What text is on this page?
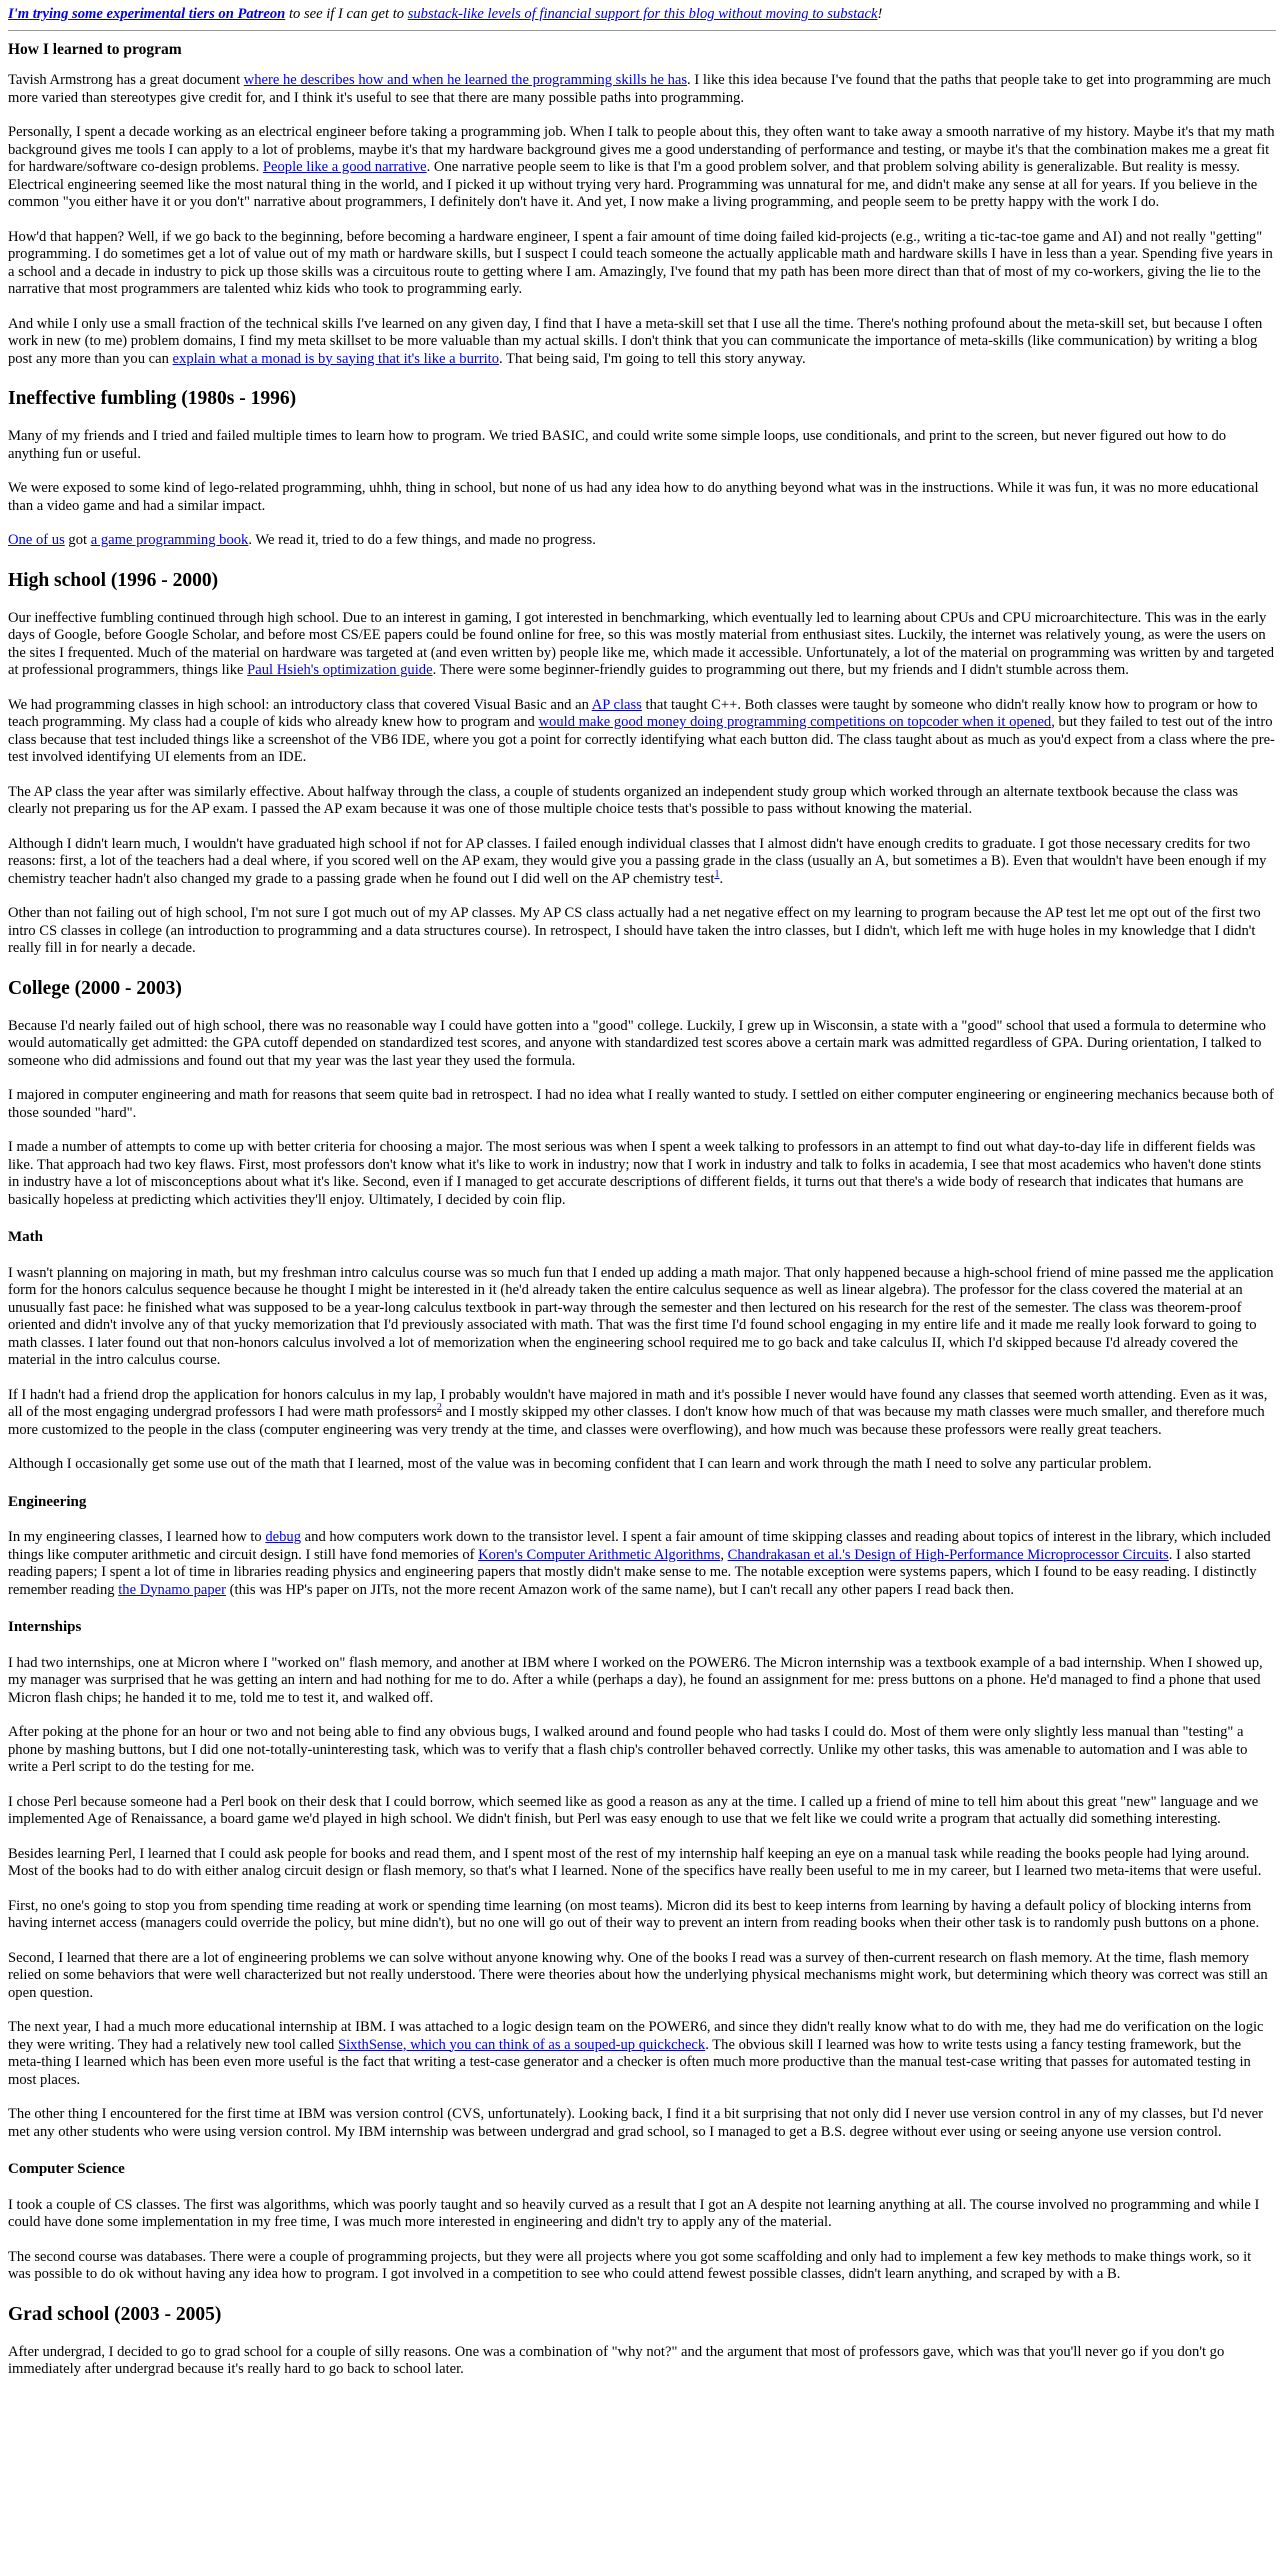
I'm trying some experimental tiers on Patreon to see if I can get to substack-like levels of financial support for this blog without moving to substack!
How I learned to program

Tavish Armstrong has a great document where he describes how and when he learned the programming skills he has. I like this idea because I've found that the paths that people take to get into programming are much more varied than stereotypes give credit for, and I think it's useful to see that there are many possible paths into programming.

Personally, I spent a decade working as an electrical engineer before taking a programming job. When I talk to people about this, they often want to take away a smooth narrative of my history. Maybe it's that my math background gives me tools I can apply to a lot of problems, maybe it's that my hardware background gives me a good understanding of performance and testing, or maybe it's that the combination makes me a great fit for hardware/software co-design problems. People like a good narrative. One narrative people seem to like is that I'm a good problem solver, and that problem solving ability is generalizable. But reality is messy. Electrical engineering seemed like the most natural thing in the world, and I picked it up without trying very hard. Programming was unnatural for me, and didn't make any sense at all for years. If you believe in the common "you either have it or you don't" narrative about programmers, I definitely don't have it. And yet, I now make a living programming, and people seem to be pretty happy with the work I do.

How'd that happen? Well, if we go back to the beginning, before becoming a hardware engineer, I spent a fair amount of time doing failed kid-projects (e.g., writing a tic-tac-toe game and AI) and not really "getting" programming. I do sometimes get a lot of value out of my math or hardware skills, but I suspect I could teach someone the actually applicable math and hardware skills I have in less than a year. Spending five years in a school and a decade in industry to pick up those skills was a circuitous route to getting where I am. Amazingly, I've found that my path has been more direct than that of most of my co-workers, giving the lie to the narrative that most programmers are talented whiz kids who took to programming early.

And while I only use a small fraction of the technical skills I've learned on any given day, I find that I have a meta-skill set that I use all the time. There's nothing profound about the meta-skill set, but because I often work in new (to me) problem domains, I find my meta skillset to be more valuable than my actual skills. I don't think that you can communicate the importance of meta-skills (like communication) by writing a blog post any more than you can explain what a monad is by saying that it's like a burrito. That being said, I'm going to tell this story anyway.

Ineffective fumbling (1980s - 1996)

Many of my friends and I tried and failed multiple times to learn how to program. We tried BASIC, and could write some simple loops, use conditionals, and print to the screen, but never figured out how to do anything fun or useful.

We were exposed to some kind of lego-related programming, uhhh, thing in school, but none of us had any idea how to do anything beyond what was in the instructions. While it was fun, it was no more educational than a video game and had a similar impact.

One of us got a game programming book. We read it, tried to do a few things, and made no progress.

High school (1996 - 2000)

Our ineffective fumbling continued through high school. Due to an interest in gaming, I got interested in benchmarking, which eventually led to learning about CPUs and CPU microarchitecture. This was in the early days of Google, before Google Scholar, and before most CS/EE papers could be found online for free, so this was mostly material from enthusiast sites. Luckily, the internet was relatively young, as were the users on the sites I frequented. Much of the material on hardware was targeted at (and even written by) people like me, which made it accessible. Unfortunately, a lot of the material on programming was written by and targeted at professional programmers, things like Paul Hsieh's optimization guide. There were some beginner-friendly guides to programming out there, but my friends and I didn't stumble across them.

We had programming classes in high school: an introductory class that covered Visual Basic and an AP class that taught C++. Both classes were taught by someone who didn't really know how to program or how to teach programming. My class had a couple of kids who already knew how to program and would make good money doing programming competitions on topcoder when it opened, but they failed to test out of the intro class because that test included things like a screenshot of the VB6 IDE, where you got a point for correctly identifying what each button did. The class taught about as much as you'd expect from a class where the pre-test involved identifying UI elements from an IDE.

The AP class the year after was similarly effective. About halfway through the class, a couple of students organized an independent study group which worked through an alternate textbook because the class was clearly not preparing us for the AP exam. I passed the AP exam because it was one of those multiple choice tests that's possible to pass without knowing the material.

Although I didn't learn much, I wouldn't have graduated high school if not for AP classes. I failed enough individual classes that I almost didn't have enough credits to graduate. I got those necessary credits for two reasons: first, a lot of the teachers had a deal where, if you scored well on the AP exam, they would give you a passing grade in the class (usually an A, but sometimes a B). Even that wouldn't have been enough if my chemistry teacher hadn't also changed my grade to a passing grade when he found out I did well on the AP chemistry test$^1$.

Other than not failing out of high school, I'm not sure I got much out of my AP classes. My AP CS class actually had a net negative effect on my learning to program because the AP test let me opt out of the first two intro CS classes in college (an introduction to programming and a data structures course). In retrospect, I should have taken the intro classes, but I didn't, which left me with huge holes in my knowledge that I didn't really fill in for nearly a decade.

College (2000 - 2003)

Because I'd nearly failed out of high school, there was no reasonable way I could have gotten into a "good" college. Luckily, I grew up in Wisconsin, a state with a "good" school that used a formula to determine who would automatically get admitted: the GPA cutoff depended on standardized test scores, and anyone with standardized test scores above a certain mark was admitted regardless of GPA. During orientation, I talked to someone who did admissions and found out that my year was the last year they used the formula.

I majored in computer engineering and math for reasons that seem quite bad in retrospect. I had no idea what I really wanted to study. I settled on either computer engineering or engineering mechanics because both of those sounded "hard".

I made a number of attempts to come up with better criteria for choosing a major. The most serious was when I spent a week talking to professors in an attempt to find out what day-to-day life in different fields was like. That approach had two key flaws. First, most professors don't know what it's like to work in industry; now that I work in industry and talk to folks in academia, I see that most academics who haven't done stints in industry have a lot of misconceptions about what it's like. Second, even if I managed to get accurate descriptions of different fields, it turns out that there's a wide body of research that indicates that humans are basically hopeless at predicting which activities they'll enjoy. Ultimately, I decided by coin flip.

Math

I wasn't planning on majoring in math, but my freshman intro calculus course was so much fun that I ended up adding a math major. That only happened because a high-school friend of mine passed me the application form for the honors calculus sequence because he thought I might be interested in it (he'd already taken the entire calculus sequence as well as linear algebra). The professor for the class covered the material at an unusually fast pace: he finished what was supposed to be a year-long calculus textbook in part-way through the semester and then lectured on his research for the rest of the semester. The class was theorem-proof oriented and didn't involve any of that yucky memorization that I'd previously associated with math. That was the first time I'd found school engaging in my entire life and it made me really look forward to going to math classes. I later found out that non-honors calculus involved a lot of memorization when the engineering school required me to go back and take calculus II, which I'd skipped because I'd already covered the material in the intro calculus course.

If I hadn't had a friend drop the application for honors calculus in my lap, I probably wouldn't have majored in math and it's possible I never would have found any classes that seemed worth attending. Even as it was, all of the most engaging undergrad professors I had were math professors$^2$ and I mostly skipped my other classes. I don't know how much of that was because my math classes were much smaller, and therefore much more customized to the people in the class (computer engineering was very trendy at the time, and classes were overflowing), and how much was because these professors were really great teachers.

Although I occasionally get some use out of the math that I learned, most of the value was in becoming confident that I can learn and work through the math I need to solve any particular problem.

Engineering

In my engineering classes, I learned how to debug and how computers work down to the transistor level. I spent a fair amount of time skipping classes and reading about topics of interest in the library, which included things like computer arithmetic and circuit design. I still have fond memories of Koren's Computer Arithmetic Algorithms, Chandrakasan et al.'s Design of High-Performance Microprocessor Circuits. I also started reading papers; I spent a lot of time in libraries reading physics and engineering papers that mostly didn't make sense to me. The notable exception were systems papers, which I found to be easy reading. I distinctly remember reading the Dynamo paper (this was HP's paper on JITs, not the more recent Amazon work of the same name), but I can't recall any other papers I read back then.

Internships

I had two internships, one at Micron where I "worked on" flash memory, and another at IBM where I worked on the POWER6. The Micron internship was a textbook example of a bad internship. When I showed up, my manager was surprised that he was getting an intern and had nothing for me to do. After a while (perhaps a day), he found an assignment for me: press buttons on a phone. He'd managed to find a phone that used Micron flash chips; he handed it to me, told me to test it, and walked off.

After poking at the phone for an hour or two and not being able to find any obvious bugs, I walked around and found people who had tasks I could do. Most of them were only slightly less manual than "testing" a phone by mashing buttons, but I did one not-totally-uninteresting task, which was to verify that a flash chip's controller behaved correctly. Unlike my other tasks, this was amenable to automation and I was able to write a Perl script to do the testing for me.

I chose Perl because someone had a Perl book on their desk that I could borrow, which seemed like as good a reason as any at the time. I called up a friend of mine to tell him about this great "new" language and we implemented Age of Renaissance, a board game we'd played in high school. We didn't finish, but Perl was easy enough to use that we felt like we could write a program that actually did something interesting.

Besides learning Perl, I learned that I could ask people for books and read them, and I spent most of the rest of my internship half keeping an eye on a manual task while reading the books people had lying around. Most of the books had to do with either analog circuit design or flash memory, so that's what I learned. None of the specifics have really been useful to me in my career, but I learned two meta-items that were useful.

First, no one's going to stop you from spending time reading at work or spending time learning (on most teams). Micron did its best to keep interns from learning by having a default policy of blocking interns from having internet access (managers could override the policy, but mine didn't), but no one will go out of their way to prevent an intern from reading books when their other task is to randomly push buttons on a phone.

Second, I learned that there are a lot of engineering problems we can solve without anyone knowing why. One of the books I read was a survey of then-current research on flash memory. At the time, flash memory relied on some behaviors that were well characterized but not really understood. There were theories about how the underlying physical mechanisms might work, but determining which theory was correct was still an open question.

The next year, I had a much more educational internship at IBM. I was attached to a logic design team on the POWER6, and since they didn't really know what to do with me, they had me do verification on the logic they were writing. They had a relatively new tool called SixthSense, which you can think of as a souped-up quickcheck. The obvious skill I learned was how to write tests using a fancy testing framework, but the meta-thing I learned which has been even more useful is the fact that writing a test-case generator and a checker is often much more productive than the manual test-case writing that passes for automated testing in most places.

The other thing I encountered for the first time at IBM was version control (CVS, unfortunately). Looking back, I find it a bit surprising that not only did I never use version control in any of my classes, but I'd never met any other students who were using version control. My IBM internship was between undergrad and grad school, so I managed to get a B.S. degree without ever using or seeing anyone use version control.

Computer Science

I took a couple of CS classes. The first was algorithms, which was poorly taught and so heavily curved as a result that I got an A despite not learning anything at all. The course involved no programming and while I could have done some implementation in my free time, I was much more interested in engineering and didn't try to apply any of the material.

The second course was databases. There were a couple of programming projects, but they were all projects where you got some scaffolding and only had to implement a few key methods to make things work, so it was possible to do ok without having any idea how to program. I got involved in a competition to see who could attend fewest possible classes, didn't learn anything, and scraped by with a B.

Grad school (2003 - 2005)

After undergrad, I decided to go to grad school for a couple of silly reasons. One was a combination of "why not?" and the argument that most of professors gave, which was that you'll never go if you don't go immediately after undergrad because it's really hard to go back to school later.
